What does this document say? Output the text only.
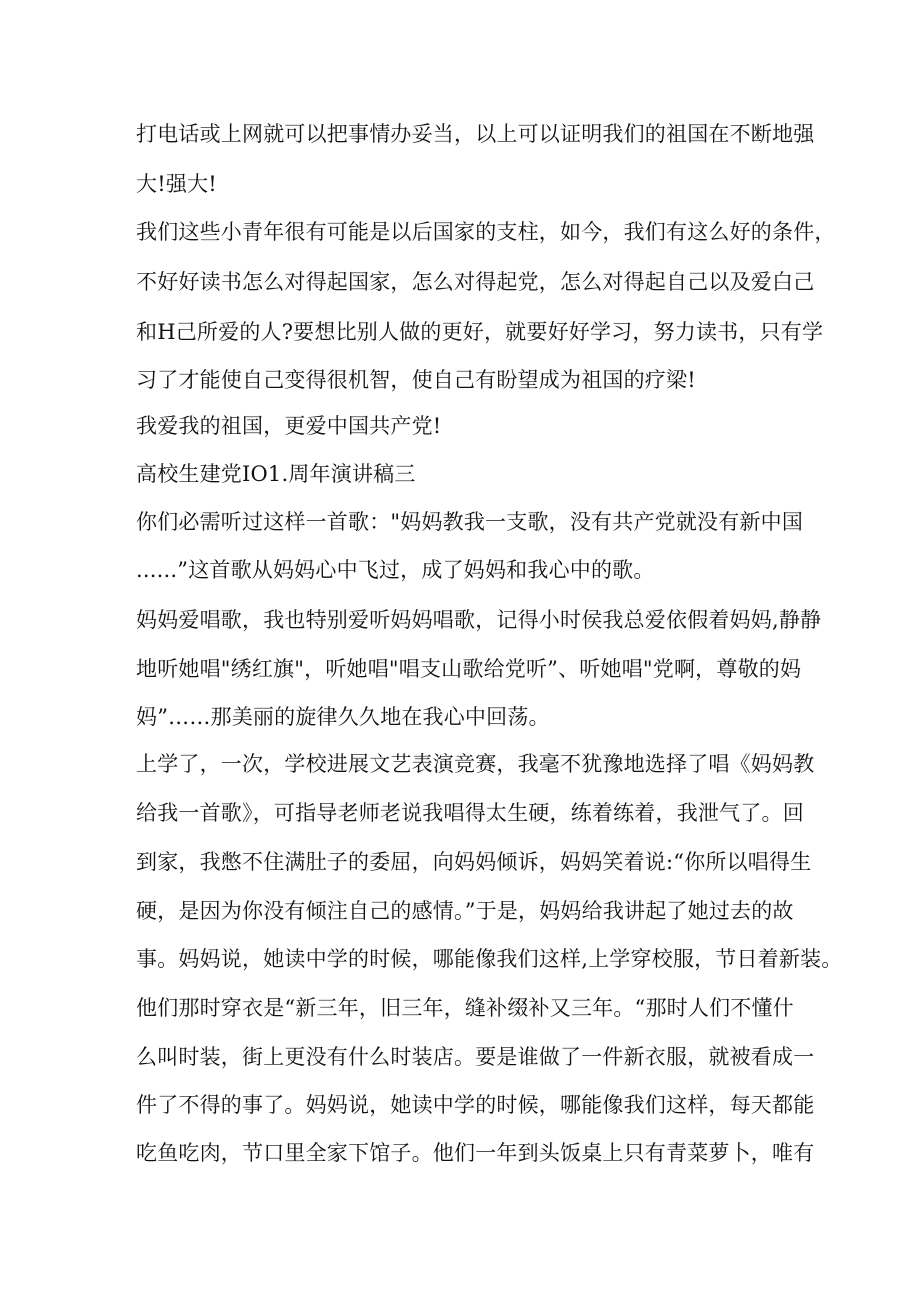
打电话或上网就可以把事情办妥当，以上可以证明我们的祖国在不断地强
大!强大!
我们这些小青年很有可能是以后国家的支柱，如今，我们有这么好的条件，
不好好读书怎么对得起国家，怎么对得起党，怎么对得起自己以及爱白己
和H己所爱的人?要想比别人做的更好，就要好好学习，努力读书，只有学
习了才能使自己变得很机智，使自己有盼望成为祖国的疗梁!
我爱我的祖国，更爱中国共产党!
高校生建党IO1.周年演讲稿三
你们必需听过这样一首歌："妈妈教我一支歌，没有共产党就没有新中国
......”这首歌从妈妈心中飞过，成了妈妈和我心中的歌。
妈妈爱唱歌，我也特别爱听妈妈唱歌，记得小时侯我总爱依假着妈妈,静静
地听她唱"绣红旗"，听她唱"唱支山歌给党听”、听她唱"党啊，尊敬的妈
妈”……那美丽的旋律久久地在我心中回荡。
上学了，一次，学校进展文艺表演竞赛，我毫不犹豫地选择了唱《妈妈教
给我一首歌》，可指导老师老说我唱得太生硬，练着练着，我泄气了。回
到家，我憋不住满肚子的委屈，向妈妈倾诉，妈妈笑着说:“你所以唱得生
硬，是因为你没有倾注自己的感情。”于是，妈妈给我讲起了她过去的故
事。妈妈说，她读中学的时候，哪能像我们这样,上学穿校服，节日着新装。
他们那时穿衣是“新三年，旧三年，缝补缀补又三年。“那时人们不懂什
么叫时装，街上更没有什么时装店。要是谁做了一件新衣服，就被看成一
件了不得的事了。妈妈说，她读中学的时候，哪能像我们这样，每天都能
吃鱼吃肉，节口里全家下馆子。他们一年到头饭桌上只有青菜萝卜，唯有
